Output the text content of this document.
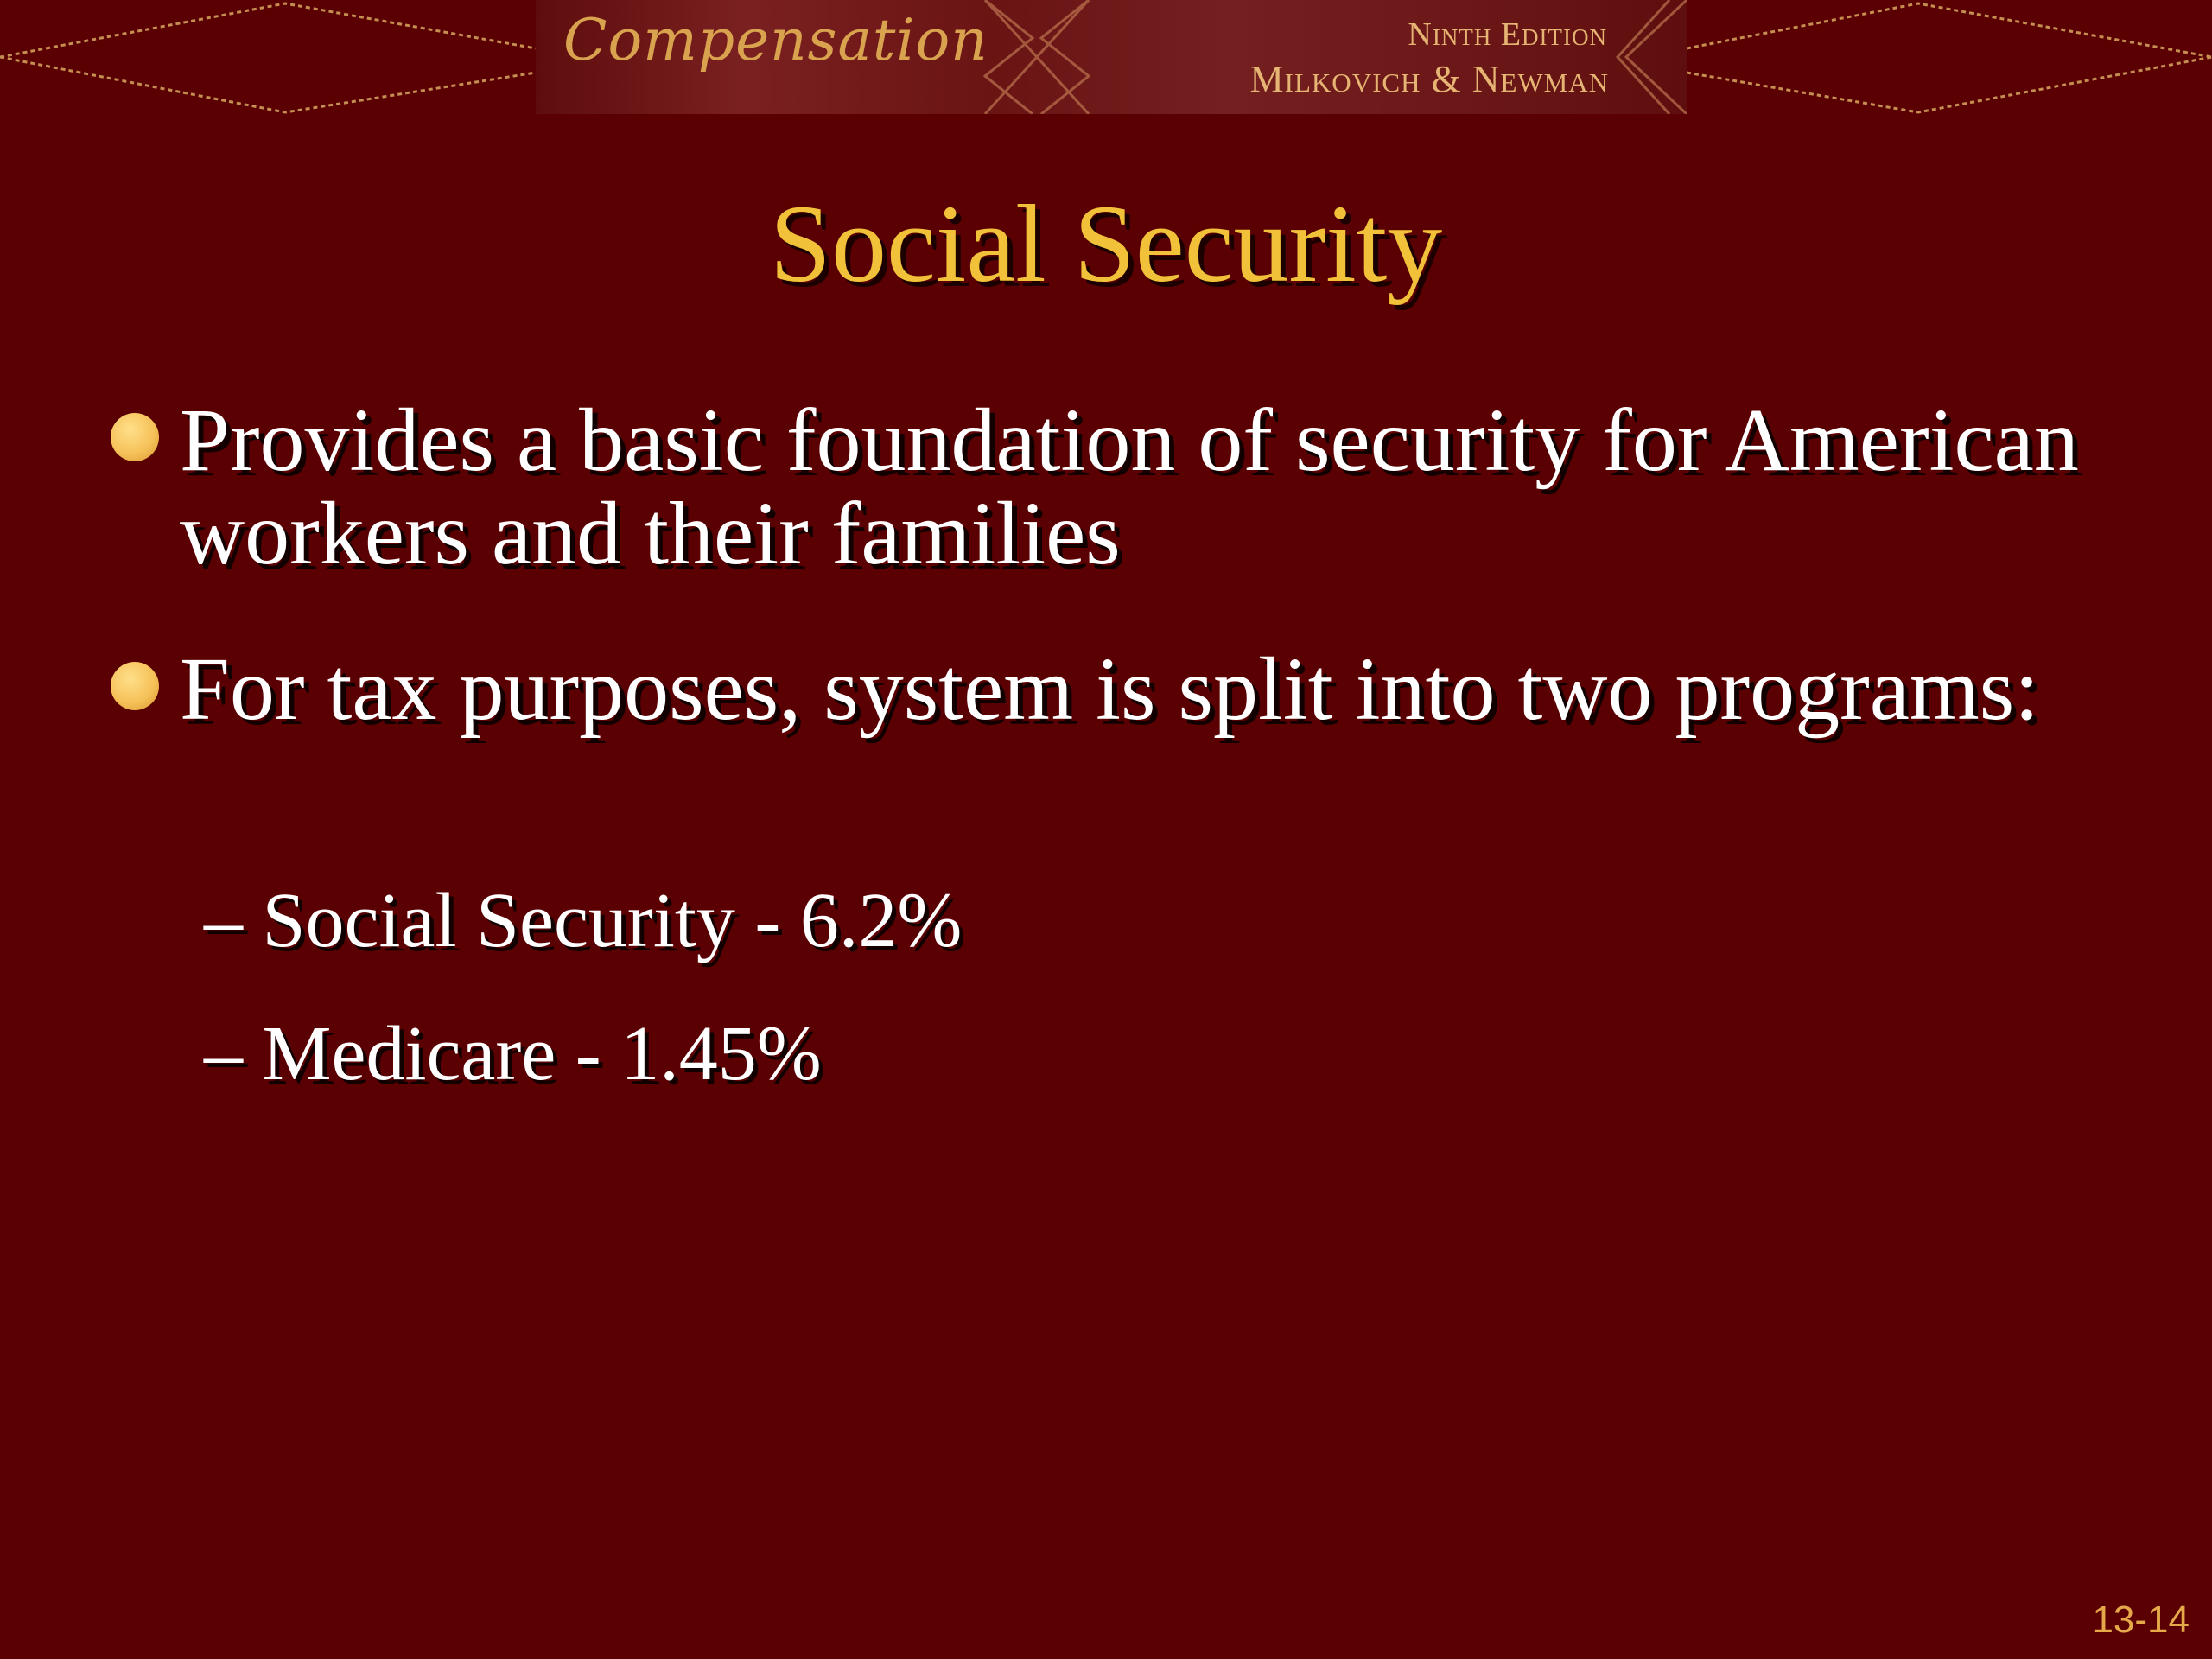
Compensation	Ninth Edition
Milkovich & Newman
Social Security
Provides a basic foundation of security for American workers and their families
For tax purposes, system is split into two programs:
– Social Security - 6.2%
– Medicare - 1.45%
13-14
